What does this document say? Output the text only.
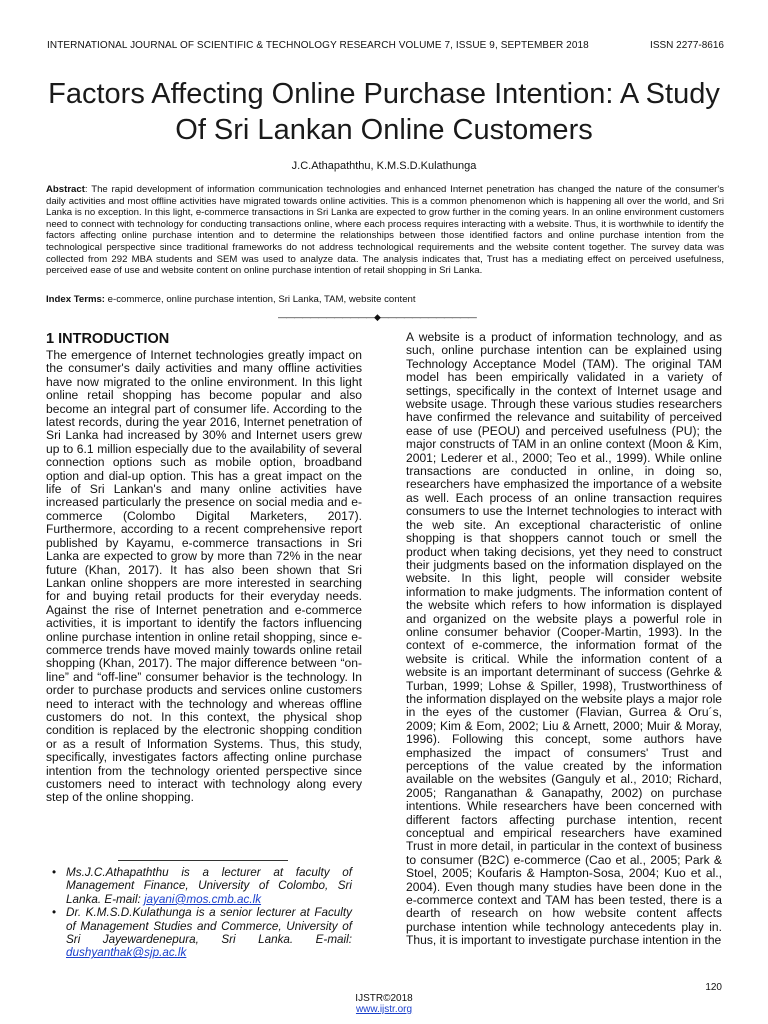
INTERNATIONAL JOURNAL OF SCIENTIFIC & TECHNOLOGY RESEARCH VOLUME 7, ISSUE 9, SEPTEMBER 2018	ISSN 2277-8616
Factors Affecting Online Purchase Intention: A Study Of Sri Lankan Online Customers
J.C.Athapaththu, K.M.S.D.Kulathunga
Abstract: The rapid development of information communication technologies and enhanced Internet penetration has changed the nature of the consumer's daily activities and most offline activities have migrated towards online activities. This is a common phenomenon which is happening all over the world, and Sri Lanka is no exception. In this light, e-commerce transactions in Sri Lanka are expected to grow further in the coming years. In an online environment customers need to connect with technology for conducting transactions online, where each process requires interacting with a website. Thus, it is worthwhile to identify the factors affecting online purchase intention and to determine the relationships between those identified factors and online purchase intention from the technological perspective since traditional frameworks do not address technological requirements and the website content together. The survey data was collected from 292 MBA students and SEM was used to analyze data. The analysis indicates that, Trust has a mediating effect on perceived usefulness, perceived ease of use and website content on online purchase intention of retail shopping in Sri Lanka.
Index Terms: e-commerce, online purchase intention, Sri Lanka, TAM, website content
————————————◆————————————
1 INTRODUCTION
The emergence of Internet technologies greatly impact on the consumer's daily activities and many offline activities have now migrated to the online environment. In this light online retail shopping has become popular and also become an integral part of consumer life. According to the latest records, during the year 2016, Internet penetration of Sri Lanka had increased by 30% and Internet users grew up to 6.1 million especially due to the availability of several connection options such as mobile option, broadband option and dial-up option. This has a great impact on the life of Sri Lankan's and many online activities have increased particularly the presence on social media and e-commerce (Colombo Digital Marketers, 2017). Furthermore, according to a recent comprehensive report published by Kayamu, e-commerce transactions in Sri Lanka are expected to grow by more than 72% in the near future (Khan, 2017). It has also been shown that Sri Lankan online shoppers are more interested in searching for and buying retail products for their everyday needs. Against the rise of Internet penetration and e-commerce activities, it is important to identify the factors influencing online purchase intention in online retail shopping, since e-commerce trends have moved mainly towards online retail shopping (Khan, 2017). The major difference between “on-line” and “off-line” consumer behavior is the technology. In order to purchase products and services online customers need to interact with the technology and whereas offline customers do not. In this context, the physical shop condition is replaced by the electronic shopping condition or as a result of Information Systems. Thus, this study, specifically, investigates factors affecting online purchase intention from the technology oriented perspective since customers need to interact with technology along every step of the online shopping.
A website is a product of information technology, and as such, online purchase intention can be explained using Technology Acceptance Model (TAM). The original TAM model has been empirically validated in a variety of settings, specifically in the context of Internet usage and website usage. Through these various studies researchers have confirmed the relevance and suitability of perceived ease of use (PEOU) and perceived usefulness (PU); the major constructs of TAM in an online context (Moon & Kim, 2001; Lederer et al., 2000; Teo et al., 1999). While online transactions are conducted in online, in doing so, researchers have emphasized the importance of a website as well. Each process of an online transaction requires consumers to use the Internet technologies to interact with the web site. An exceptional characteristic of online shopping is that shoppers cannot touch or smell the product when taking decisions, yet they need to construct their judgments based on the information displayed on the website. In this light, people will consider website information to make judgments. The information content of the website which refers to how information is displayed and organized on the website plays a powerful role in online consumer behavior (Cooper-Martin, 1993). In the context of e-commerce, the information format of the website is critical. While the information content of a website is an important determinant of success (Gehrke & Turban, 1999; Lohse & Spiller, 1998), Trustworthiness of the information displayed on the website plays a major role in the eyes of the customer (Flavian, Gurrea & Oru´s, 2009; Kim & Eom, 2002; Liu & Arnett, 2000; Muir & Moray, 1996). Following this concept, some authors have emphasized the impact of consumers' Trust and perceptions of the value created by the information available on the websites (Ganguly et al., 2010; Richard, 2005; Ranganathan & Ganapathy, 2002) on purchase intentions. While researchers have been concerned with different factors affecting purchase intention, recent conceptual and empirical researchers have examined Trust in more detail, in particular in the context of business to consumer (B2C) e-commerce (Cao et al., 2005; Park & Stoel, 2005; Koufaris & Hampton-Sosa, 2004; Kuo et al., 2004). Even though many studies have been done in the e-commerce context and TAM has been tested, there is a dearth of research on how website content affects purchase intention while technology antecedents play in. Thus, it is important to investigate purchase intention in the
• Ms.J.C.Athapaththu is a lecturer at faculty of Management Finance, University of Colombo, Sri Lanka. E-mail: jayani@mos.cmb.ac.lk
• Dr. K.M.S.D.Kulathunga is a senior lecturer at Faculty of Management Studies and Commerce, University of Sri Jayewardenepura, Sri Lanka. E-mail: dushyanthak@sjp.ac.lk
120
IJSTR©2018
www.ijstr.org
